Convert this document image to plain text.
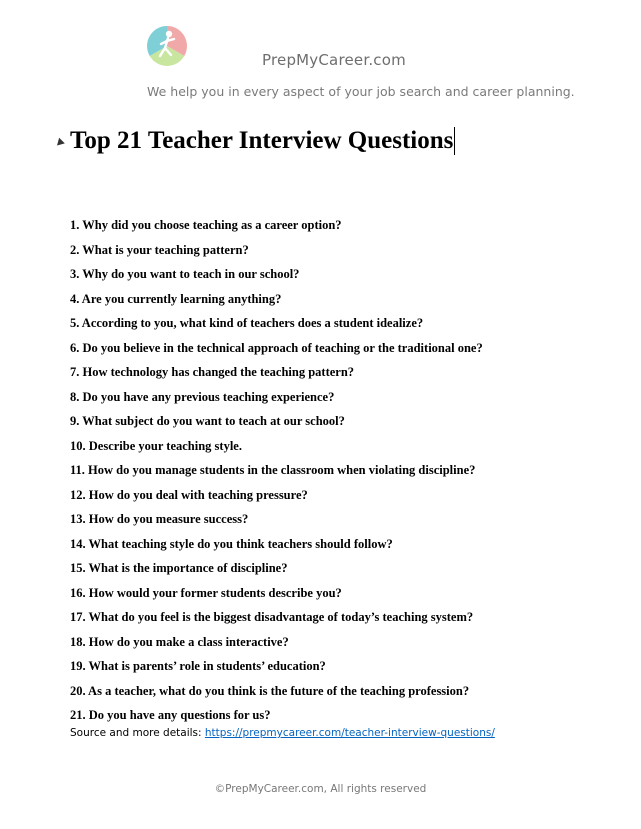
PrepMyCareer.com
We help you in every aspect of your job search and career planning.
Top 21 Teacher Interview Questions
1. Why did you choose teaching as a career option?
2. What is your teaching pattern?
3. Why do you want to teach in our school?
4. Are you currently learning anything?
5. According to you, what kind of teachers does a student idealize?
6. Do you believe in the technical approach of teaching or the traditional one?
7. How technology has changed the teaching pattern?
8. Do you have any previous teaching experience?
9. What subject do you want to teach at our school?
10. Describe your teaching style.
11. How do you manage students in the classroom when violating discipline?
12. How do you deal with teaching pressure?
13. How do you measure success?
14. What teaching style do you think teachers should follow?
15. What is the importance of discipline?
16. How would your former students describe you?
17. What do you feel is the biggest disadvantage of today’s teaching system?
18. How do you make a class interactive?
19. What is parents’ role in students’ education?
20. As a teacher, what do you think is the future of the teaching profession?
21. Do you have any questions for us?
Source and more details: https://prepmycareer.com/teacher-interview-questions/
©PrepMyCareer.com, All rights reserved
